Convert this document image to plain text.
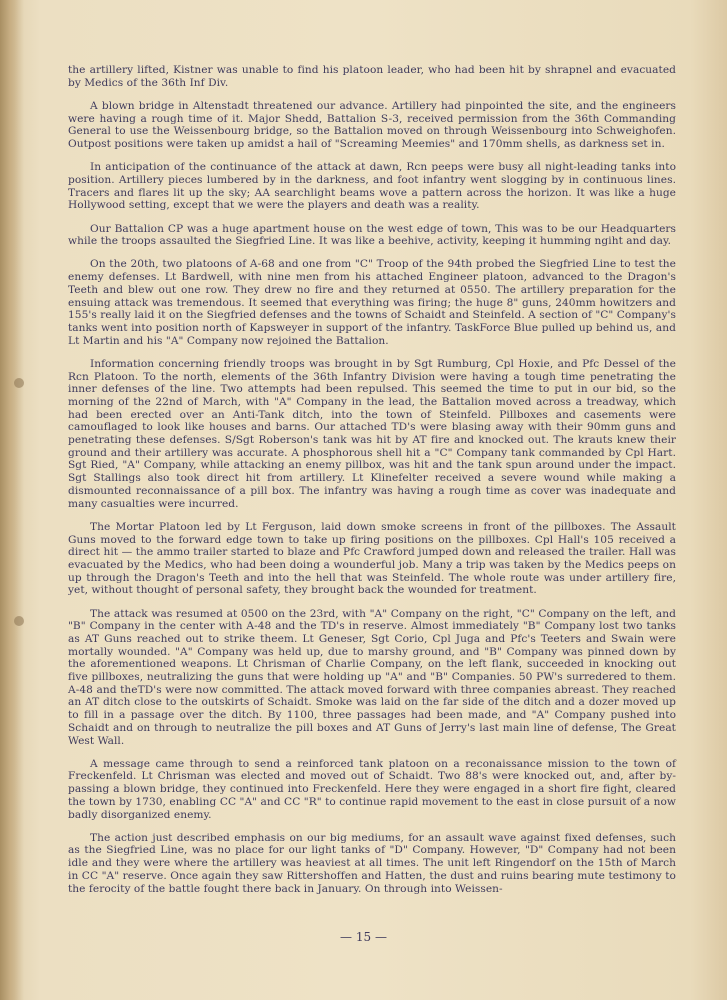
the artillery lifted, Kistner was unable to find his platoon leader, who had been hit by shrapnel and evacuated by Medics of the 36th Inf Div.

A blown bridge in Altenstadt threatened our advance. Artillery had pinpointed the site, and the engineers were having a rough time of it. Major Shedd, Battalion S-3, received permission from the 36th Commanding General to use the Weissenbourg bridge, so the Battalion moved on through Weissenbourg into Schweighofen. Outpost positions were taken up amidst a hail of "Screaming Meemies" and 170mm shells, as darkness set in.

In anticipation of the continuance of the attack at dawn, Rcn peeps were busy all night-leading tanks into position. Artillery pieces lumbered by in the darkness, and foot infantry went slogging by in continuous lines. Tracers and flares lit up the sky; AA searchlight beams wove a pattern across the horizon. It was like a huge Hollywood setting, except that we were the players and death was a reality.

Our Battalion CP was a huge apartment house on the west edge of town, This was to be our Headquarters while the troops assaulted the Siegfried Line. It was like a beehive, activity, keeping it humming ngiht and day.

On the 20th, two platoons of A-68 and one from "C" Troop of the 94th probed the Siegfried Line to test the enemy defenses. Lt Bardwell, with nine men from his attached Engineer platoon, advanced to the Dragon's Teeth and blew out one row. They drew no fire and they returned at 0550. The artillery preparation for the ensuing attack was tremendous. It seemed that everything was firing; the huge 8" guns, 240mm howitzers and 155's really laid it on the Siegfried defenses and the towns of Schaidt and Steinfeld. A section of "C" Company's tanks went into position north of Kapsweyer in support of the infantry. TaskForce Blue pulled up behind us, and Lt Martin and his "A" Company now rejoined the Battalion.

Information concerning friendly troops was brought in by Sgt Rumburg, Cpl Hoxie, and Pfc Dessel of the Rcn Platoon. To the north, elements of the 36th Infantry Division were having a tough time penetrating the inner defenses of the line. Two attempts had been repulsed. This seemed the time to put in our bid, so the morning of the 22nd of March, with "A" Company in the lead, the Battalion moved across a treadway, which had been erected over an Anti-Tank ditch, into the town of Steinfeld. Pillboxes and casements were camouflaged to look like houses and barns. Our attached TD's were blasing away with their 90mm guns and penetrating these defenses. S/Sgt Roberson's tank was hit by AT fire and knocked out. The krauts knew their ground and their artillery was accurate. A phosphorous shell hit a "C" Company tank commanded by Cpl Hart. Sgt Ried, "A" Company, while attacking an enemy pillbox, was hit and the tank spun around under the impact. Sgt Stallings also took direct hit from artillery. Lt Klinefelter received a severe wound while making a dismounted reconnaissance of a pill box. The infantry was having a rough time as cover was inadequate and many casualties were incurred.

The Mortar Platoon led by Lt Ferguson, laid down smoke screens in front of the pillboxes. The Assault Guns moved to the forward edge town to take up firing positions on the pillboxes. Cpl Hall's 105 received a direct hit — the ammo trailer started to blaze and Pfc Crawford jumped down and released the trailer. Hall was evacuated by the Medics, who had been doing a wounderful job. Many a trip was taken by the Medics peeps on up through the Dragon's Teeth and into the hell that was Steinfeld. The whole route was under artillery fire, yet, without thought of personal safety, they brought back the wounded for treatment.

The attack was resumed at 0500 on the 23rd, with "A" Company on the right, "C" Company on the left, and "B" Company in the center with A-48 and the TD's in reserve. Almost immediately "B" Company lost two tanks as AT Guns reached out to strike theem. Lt Geneser, Sgt Corio, Cpl Juga and Pfc's Teeters and Swain were mortally wounded. "A" Company was held up, due to marshy ground, and "B" Company was pinned down by the aforementioned weapons. Lt Chrisman of Charlie Company, on the left flank, succeeded in knocking out five pillboxes, neutralizing the guns that were holding up "A" and "B" Companies. 50 PW's surredered to them. A-48 and theTD's were now committed. The attack moved forward with three companies abreast. They reached an AT ditch close to the outskirts of Schaidt. Smoke was laid on the far side of the ditch and a dozer moved up to fill in a passage over the ditch. By 1100, three passages had been made, and "A" Company pushed into Schaidt and on through to neutralize the pill boxes and AT Guns of Jerry's last main line of defense, The Great West Wall.

A message came through to send a reinforced tank platoon on a reconaissance mission to the town of Freckenfeld. Lt Chrisman was elected and moved out of Schaidt. Two 88's were knocked out, and, after by-passing a blown bridge, they continued into Freckenfeld. Here they were engaged in a short fire fight, cleared the town by 1730, enabling CC "A" and CC "R" to continue rapid movement to the east in close pursuit of a now badly disorganized enemy.

The action just described emphasis on our big mediums, for an assault wave against fixed defenses, such as the Siegfried Line, was no place for our light tanks of "D" Company. However, "D" Company had not been idle and they were where the artillery was heaviest at all times. The unit left Ringendorf on the 15th of March in CC "A" reserve. Once again they saw Rittershoffen and Hatten, the dust and ruins bearing mute testimony to the ferocity of the battle fought there back in January. On through into Weissen-

— 15 —
